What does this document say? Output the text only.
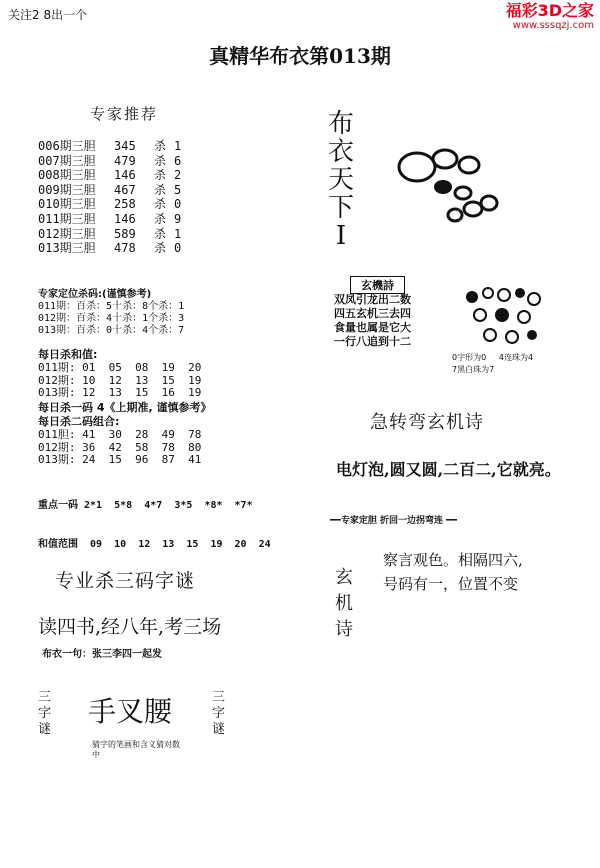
关注2 8出一个	福彩3D之家
www.sssqzj.com
真精华布衣第013期
专家推荐
006期三胆	345	杀 1
007期三胆	479	杀 6
008期三胆	146	杀 2
009期三胆	467	杀 5
010期三胆	258	杀 0
011期三胆	146	杀 9
012期三胆	589	杀 1
013期三胆	478	杀 0
专家定位杀码:(谨慎参考)
011期：百杀：5十杀：8个杀：1
012期：百杀：4十杀：1个杀：3
013期：百杀：0十杀：4个杀：7
每日杀和值:
011期: 01  05  08  19  20
012期: 10  12  13  15  19
013期: 12  13  15  16  19
每日杀一码 4《上期准, 谨慎参考》
每日杀二码组合:
011胆: 41  30  28  49  78
012期: 36  42  58  78  80
013期: 24  15  96  87  41

重点一码 2*1  5*8  4*7  3*5  *8*  *7*

和值范围  09  10  12  13  15  19  20  24

专业杀三码字谜
读四书,经八年,考三场
布衣一句：张三李四一起发
三字谜
手叉腰	三字谜
猜字的笔画和含义猜对数中
布衣天下I
玄機詩
双凤引龙出二数
四五玄机三去四
食量也属是它大
一行八追到十二
0字形为0 4连珠为4
7黑白珠为7
急转弯玄机诗
电灯泡,圆又圆,二百二,它就亮。
━━专家定胆 折回一边拐弯连 ━━
玄机诗
察言观色。相隔四六,
号码有一，位置不变
